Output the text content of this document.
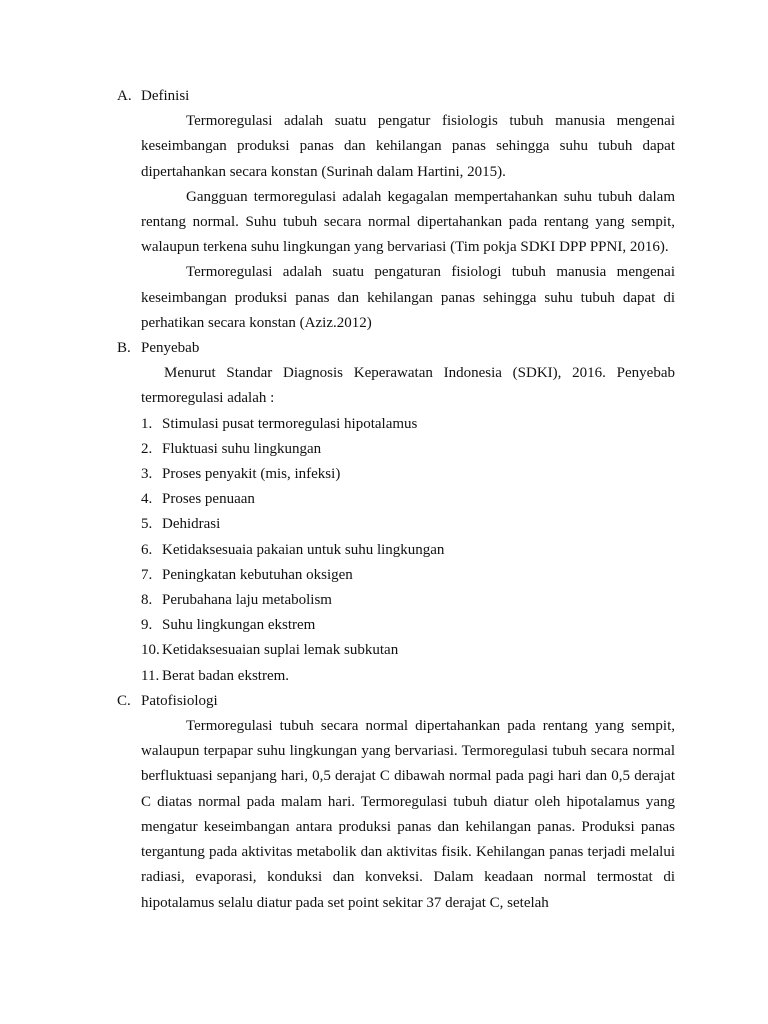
A. Definisi

Termoregulasi adalah suatu pengatur fisiologis tubuh manusia mengenai keseimbangan produksi panas dan kehilangan panas sehingga suhu tubuh dapat dipertahankan secara konstan (Surinah dalam Hartini, 2015).

Gangguan termoregulasi adalah kegagalan mempertahankan suhu tubuh dalam rentang normal. Suhu tubuh secara normal dipertahankan pada rentang yang sempit, walaupun terkena suhu lingkungan yang bervariasi (Tim pokja SDKI DPP PPNI, 2016).

Termoregulasi adalah suatu pengaturan fisiologi tubuh manusia mengenai keseimbangan produksi panas dan kehilangan panas sehingga suhu tubuh dapat di perhatikan secara konstan (Aziz.2012)

B. Penyebab

Menurut Standar Diagnosis Keperawatan Indonesia (SDKI), 2016. Penyebab termoregulasi adalah :

1. Stimulasi pusat termoregulasi hipotalamus
2. Fluktuasi suhu lingkungan
3. Proses penyakit (mis, infeksi)
4. Proses penuaan
5. Dehidrasi
6. Ketidaksesuaia pakaian untuk suhu lingkungan
7. Peningkatan kebutuhan oksigen
8. Perubahana laju metabolism
9. Suhu lingkungan ekstrem
10. Ketidaksesuaian suplai lemak subkutan
11. Berat badan ekstrem.
C. Patofisiologi

Termoregulasi tubuh secara normal dipertahankan pada rentang yang sempit, walaupun terpapar suhu lingkungan yang bervariasi. Termoregulasi tubuh secara normal berfluktuasi sepanjang hari, 0,5 derajat C dibawah normal pada pagi hari dan 0,5 derajat C diatas normal pada malam hari. Termoregulasi tubuh diatur oleh hipotalamus yang mengatur keseimbangan antara produksi panas dan kehilangan panas. Produksi panas tergantung pada aktivitas metabolik dan aktivitas fisik. Kehilangan panas terjadi melalui radiasi, evaporasi, konduksi dan konveksi. Dalam keadaan normal termostat di hipotalamus selalu diatur pada set point sekitar 37 derajat C, setelah
